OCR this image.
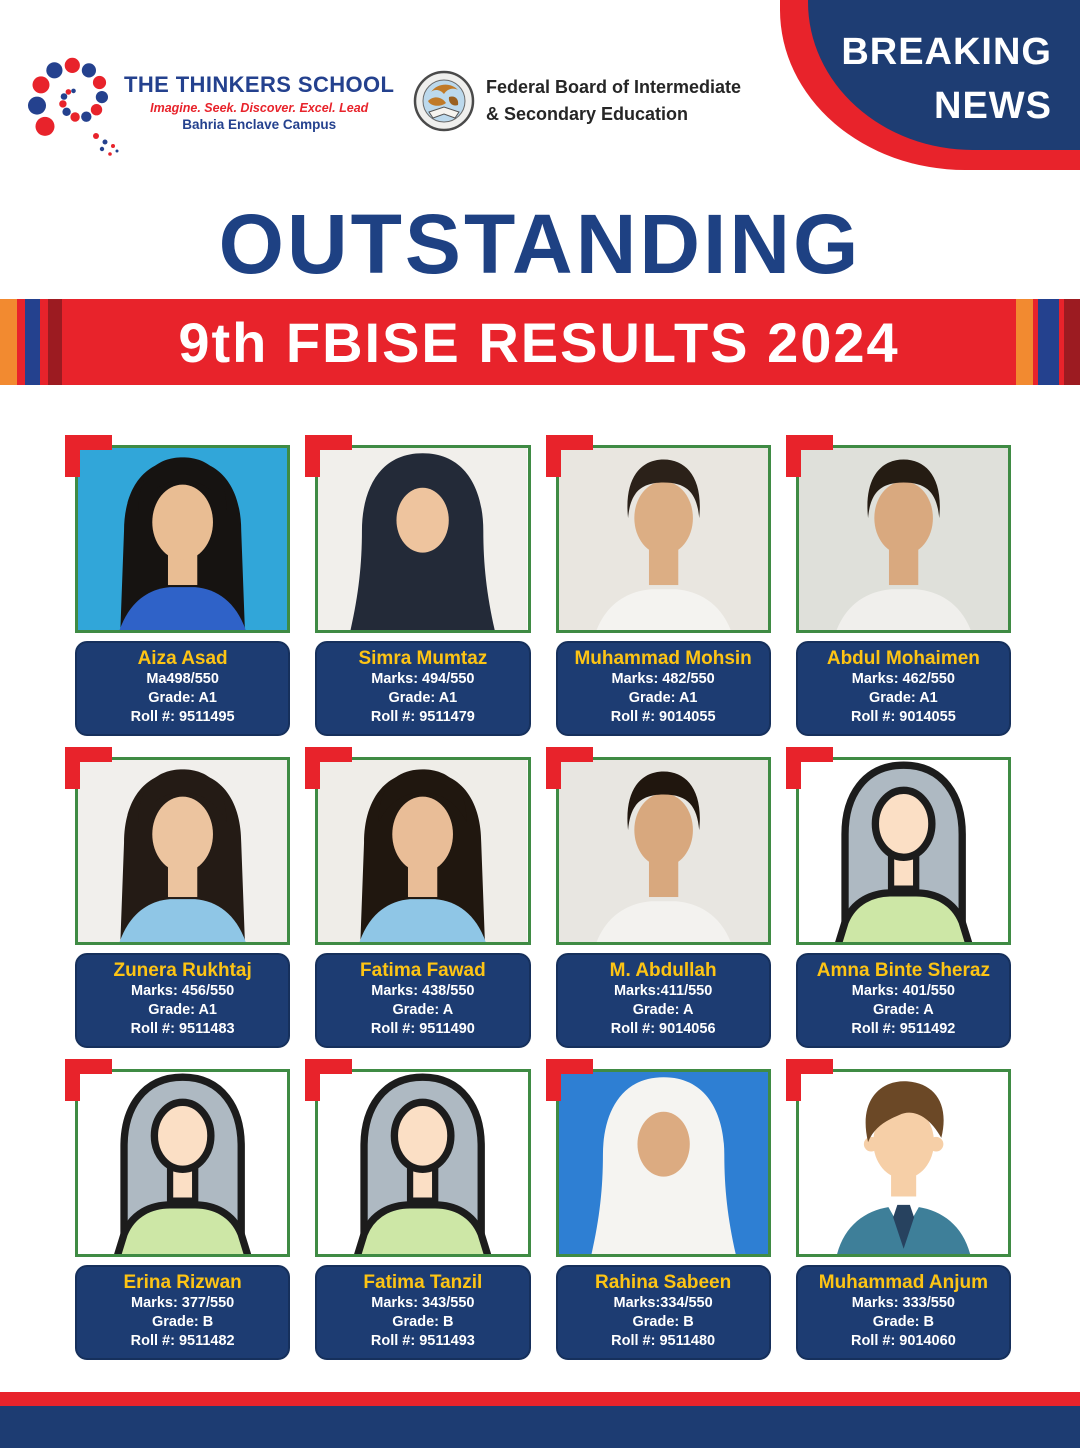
THE THINKERS SCHOOL
Imagine. Seek. Discover. Excel. Lead
Bahria Enclave Campus
Federal Board of Intermediate
& Secondary Education
BREAKING
NEWS
OUTSTANDING
9th FBISE RESULTS 2024
Aiza Asad
Ma498/550
Grade: A1
Roll #: 9511495
Simra Mumtaz
Marks: 494/550
Grade: A1
Roll #: 9511479
Muhammad Mohsin
Marks: 482/550
Grade: A1
Roll #: 9014055
Abdul Mohaimen
Marks: 462/550
Grade: A1
Roll #: 9014055
Zunera Rukhtaj
Marks: 456/550
Grade: A1
Roll #: 9511483
Fatima Fawad
Marks: 438/550
Grade: A
Roll #: 9511490
M. Abdullah
Marks:411/550
Grade: A
Roll #: 9014056
Amna Binte Sheraz
Marks: 401/550
Grade: A
Roll #: 9511492
Erina Rizwan
Marks: 377/550
Grade: B
Roll #: 9511482
Fatima Tanzil
Marks: 343/550
Grade: B
Roll #: 9511493
Rahina Sabeen
Marks:334/550
Grade: B
Roll #: 9511480
Muhammad Anjum
Marks: 333/550
Grade: B
Roll #: 9014060
